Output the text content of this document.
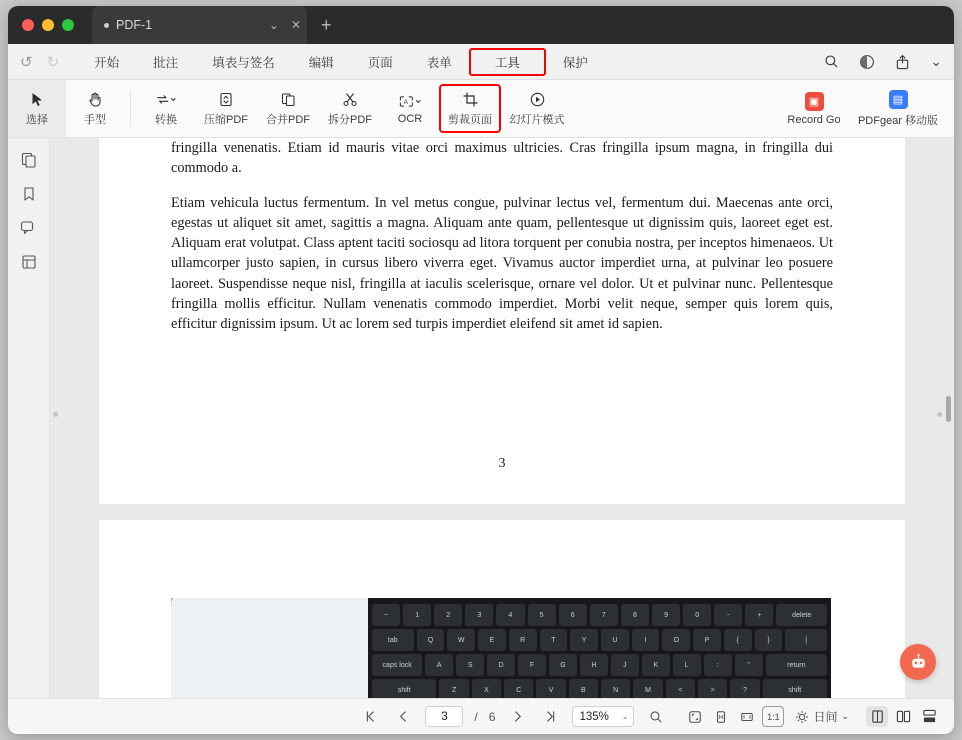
PDF-1	⌄	✕	+
↺ ↻	开始	批注	填表与签名	编辑	页面	表单	工具	保护	⌄
选择	手型	转换 压缩PDF 合并PDF 拆分PDF
A
OCR 剪裁页面 幻灯片模式
▣
Record Go
▤
PDFgear 移动版

fringilla venenatis. Etiam id mauris vitae orci maximus ultricies. Cras fringilla ipsum magna, in fringilla dui commodo a.

Etiam vehicula luctus fermentum. In vel metus congue, pulvinar lectus vel, fermentum dui. Maecenas ante orci, egestas ut aliquet sit amet, sagittis a magna. Aliquam ante quam, pellentesque ut dignissim quis, laoreet eget est. Aliquam erat volutpat. Class aptent taciti sociosqu ad litora torquent per conubia nostra, per inceptos himenaeos. Ut ullamcorper justo sapien, in cursus libero viverra eget. Vivamus auctor imperdiet urna, at pulvinar leo posuere laoreet. Suspendisse neque nisl, fringilla at iaculis scelerisque, ornare vel dolor. Ut et pulvinar nunc. Pellentesque fringilla mollis efficitur. Nullam venenatis commodo imperdiet. Morbi velit neque, semper quis lorem quis, efficitur dignissim ipsum. Ut ac lorem sed turpis imperdiet eleifend sit amet id sapien.

3
~	1	2	3	4	5	6	7	8	9	0	-	+	delete
tab	Q	W	E	R	T	Y	U	I	O	P	{	}	|
caps lock	A	S	D	F	G	H	J	K	L	:	"	return
shift	Z	X	C	V	B	N	M	<	>	?	shift
3	/ 6	135% ⌄	1:1	日间 ⌄
